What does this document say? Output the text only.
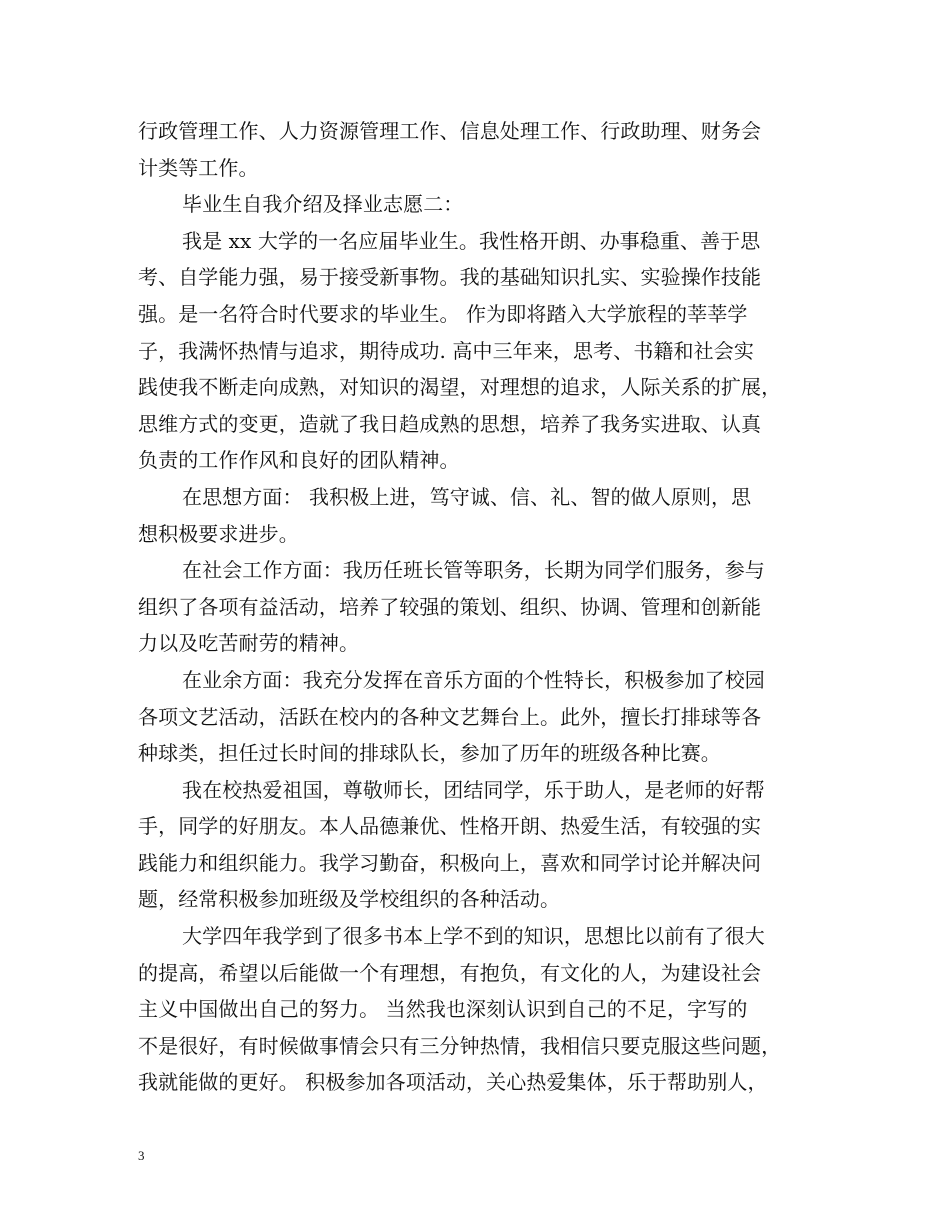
行政管理工作、人力资源管理工作、信息处理工作、行政助理、财务会
计类等工作。
毕业生自我介绍及择业志愿二：
我是 xx 大学的一名应届毕业生。我性格开朗、办事稳重、善于思
考、自学能力强，易于接受新事物。我的基础知识扎实、实验操作技能
强。是一名符合时代要求的毕业生。 作为即将踏入大学旅程的莘莘学
子，我满怀热情与追求，期待成功. 高中三年来，思考、书籍和社会实
践使我不断走向成熟，对知识的渴望，对理想的追求，人际关系的扩展，
思维方式的变更，造就了我日趋成熟的思想，培养了我务实进取、认真
负责的工作作风和良好的团队精神。
在思想方面： 我积极上进，笃守诚、信、礼、智的做人原则，思
想积极要求进步。
在社会工作方面：我历任班长管等职务，长期为同学们服务，参与
组织了各项有益活动，培养了较强的策划、组织、协调、管理和创新能
力以及吃苦耐劳的精神。
在业余方面：我充分发挥在音乐方面的个性特长，积极参加了校园
各项文艺活动，活跃在校内的各种文艺舞台上。此外，擅长打排球等各
种球类，担任过长时间的排球队长，参加了历年的班级各种比赛。
我在校热爱祖国，尊敬师长，团结同学，乐于助人，是老师的好帮
手，同学的好朋友。本人品德兼优、性格开朗、热爱生活，有较强的实
践能力和组织能力。我学习勤奋，积极向上，喜欢和同学讨论并解决问
题，经常积极参加班级及学校组织的各种活动。
大学四年我学到了很多书本上学不到的知识，思想比以前有了很大
的提高，希望以后能做一个有理想，有抱负，有文化的人，为建设社会
主义中国做出自己的努力。 当然我也深刻认识到自己的不足，字写的
不是很好，有时候做事情会只有三分钟热情，我相信只要克服这些问题，
我就能做的更好。 积极参加各项活动，关心热爱集体，乐于帮助别人，
3
